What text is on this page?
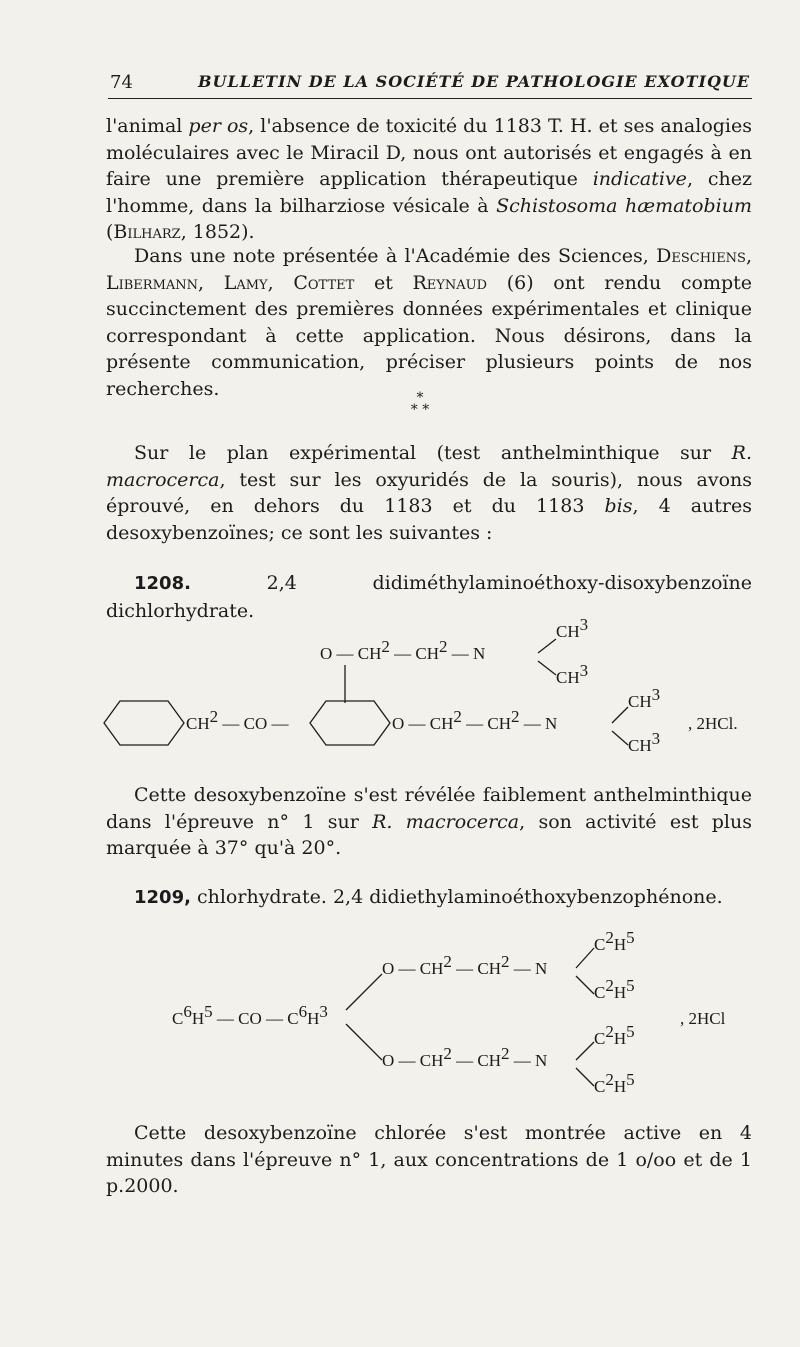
74	BULLETIN DE LA SOCIÉTÉ DE PATHOLOGIE EXOTIQUE

l'animal per os, l'absence de toxicité du 1183 T. H. et ses analogies moléculaires avec le Miracil D, nous ont autorisés et engagés à en faire une première application thérapeutique indicative, chez l'homme, dans la bilharziose vésicale à Schistosoma hæmatobium (Bilharz, 1852).

Dans une note présentée à l'Académie des Sciences, Deschiens, Libermann, Lamy, Cottet et Reynaud (6) ont rendu compte succinctement des premières données expérimentales et clinique correspondant à cette application. Nous désirons, dans la présente communication, préciser plusieurs points de nos recherches.	*
* *

Sur le plan expérimental (test anthelminthique sur R. macrocerca, test sur les oxyuridés de la souris), nous avons éprouvé, en dehors du 1183 et du 1183 bis, 4 autres desoxybenzoïnes; ce sont les suivantes :

1208. 2,4 didiméthylaminoéthoxy-disoxybenzoïne dichlorhydrate.

O — CH2 — CH2 — N
CH3
CH3
CH2 — CO —	O — CH2 — CH2 — N
CH3
CH3
, 2HCl.

Cette desoxybenzoïne s'est révélée faiblement anthelminthique dans l'épreuve n° 1 sur R. macrocerca, son activité est plus marquée à 37° qu'à 20°.

1209, chlorhydrate. 2,4 didiethylaminoéthoxybenzophénone.

O — CH2 — CH2 — N
C2H5
C2H5
C6H5 — CO — C6H3
O — CH2 — CH2 — N
C2H5
C2H5
, 2HCl

Cette desoxybenzoïne chlorée s'est montrée active en 4 minutes dans l'épreuve n° 1, aux concentrations de 1 o/oo et de 1 p.2000.
